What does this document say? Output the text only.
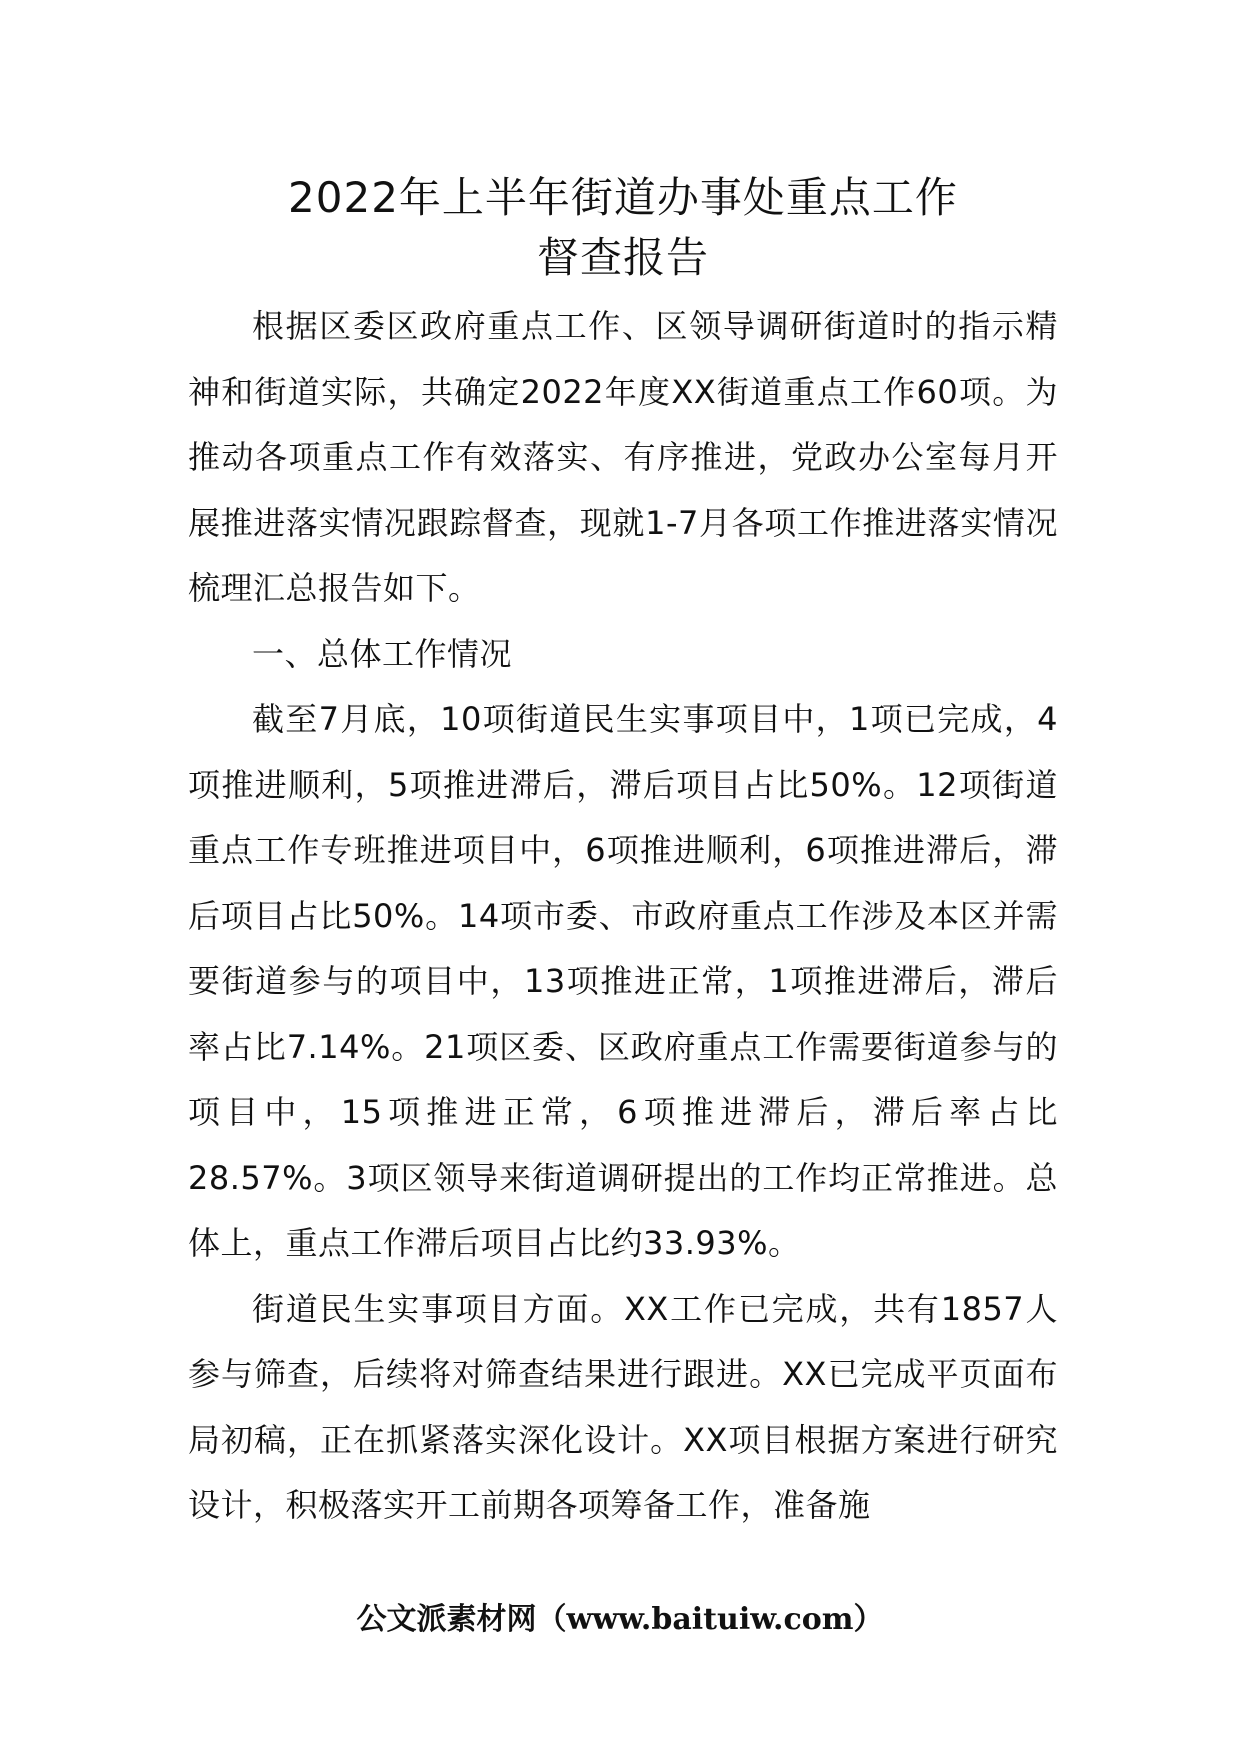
2022年上半年街道办事处重点工作
督查报告

根据区委区政府重点工作、区领导调研街道时的指示精神和街道实际，共确定2022年度XX街道重点工作60项。为推动各项重点工作有效落实、有序推进，党政办公室每月开展推进落实情况跟踪督查，现就1-7月各项工作推进落实情况梳理汇总报告如下。

一、总体工作情况

截至7月底，10项街道民生实事项目中，1项已完成，4项推进顺利，5项推进滞后，滞后项目占比50%。12项街道重点工作专班推进项目中，6项推进顺利，6项推进滞后，滞后项目占比50%。14项市委、市政府重点工作涉及本区并需要街道参与的项目中，13项推进正常，1项推进滞后，滞后率占比7.14%。21项区委、区政府重点工作需要街道参与的项目中，15项推进正常，6项推进滞后，滞后率占比28.57%。3项区领导来街道调研提出的工作均正常推进。总体上，重点工作滞后项目占比约33.93%。

街道民生实事项目方面。XX工作已完成，共有1857人参与筛查，后续将对筛查结果进行跟进。XX已完成平页面布局初稿，正在抓紧落实深化设计。XX项目根据方案进行研究设计，积极落实开工前期各项筹备工作，准备施

公文派素材网（www.baituiw.com）
